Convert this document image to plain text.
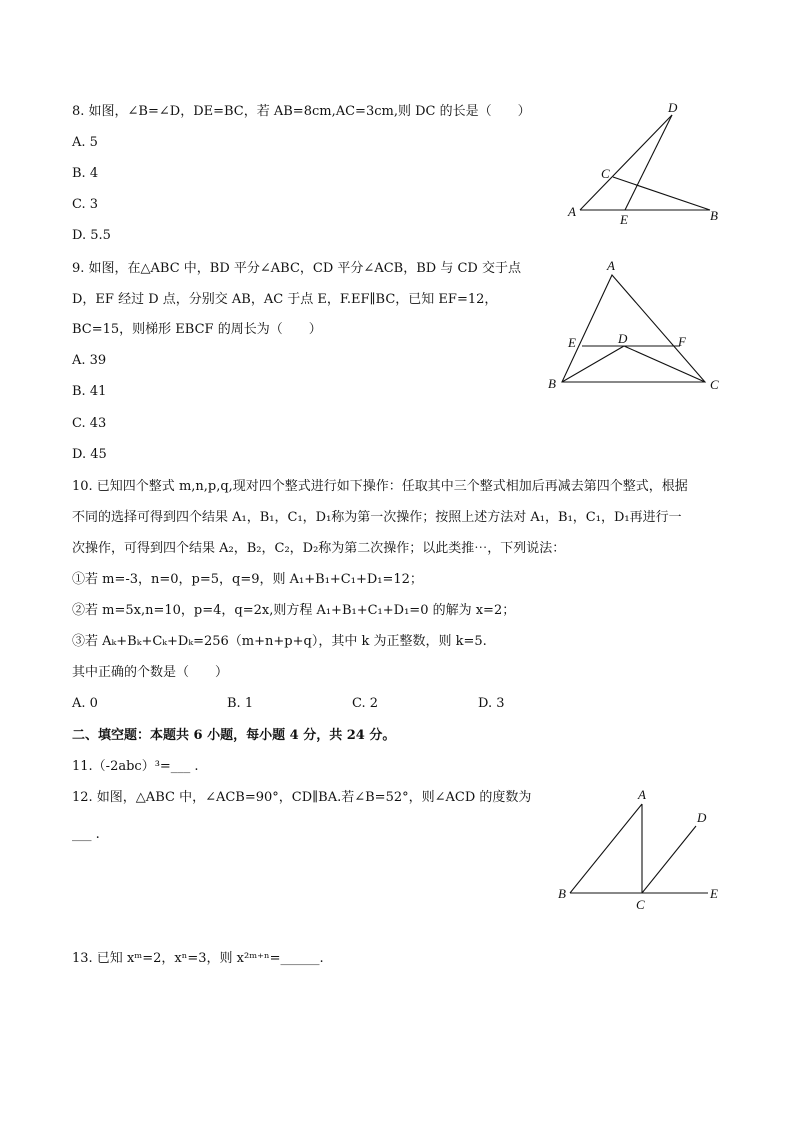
8. 如图，∠B=∠D，DE=BC，若 AB=8cm,AC=3cm,则 DC 的长是（　　）
A. 5
B. 4
C. 3
D. 5.5
D
C
A
E	B
9. 如图，在△ABC 中，BD 平分∠ABC，CD 平分∠ACB，BD 与 CD 交于点
D，EF 经过 D 点，分别交 AB，AC 于点 E，F.EF∥BC，已知 EF=12，
BC=15，则梯形 EBCF 的周长为（　　）
A. 39
B. 41
C. 43
D. 45
A
E	D	F
B	C
10. 已知四个整式 m,n,p,q,现对四个整式进行如下操作：任取其中三个整式相加后再减去第四个整式，根据
不同的选择可得到四个结果 A₁，B₁，C₁，D₁称为第一次操作；按照上述方法对 A₁，B₁，C₁，D₁再进行一
次操作，可得到四个结果 A₂，B₂，C₂，D₂称为第二次操作；以此类推⋯，下列说法：
①若 m=-3，n=0，p=5，q=9，则 A₁+B₁+C₁+D₁=12；
②若 m=5x,n=10，p=4，q=2x,则方程 A₁+B₁+C₁+D₁=0 的解为 x=2；
③若 Aₖ+Bₖ+Cₖ+Dₖ=256（m+n+p+q），其中 k 为正整数，则 k=5.
其中正确的个数是（　　）
A. 0	B. 1	C. 2	D. 3
二、填空题：本题共 6 小题，每小题 4 分，共 24 分。
11.（-2abc）³=___ .
12. 如图，△ABC 中，∠ACB=90°，CD∥BA.若∠B=52°，则∠ACD 的度数为
___ .
A
D
B
C
E
13. 已知 xᵐ=2，xⁿ=3，则 x²ᵐ⁺ⁿ=______.
